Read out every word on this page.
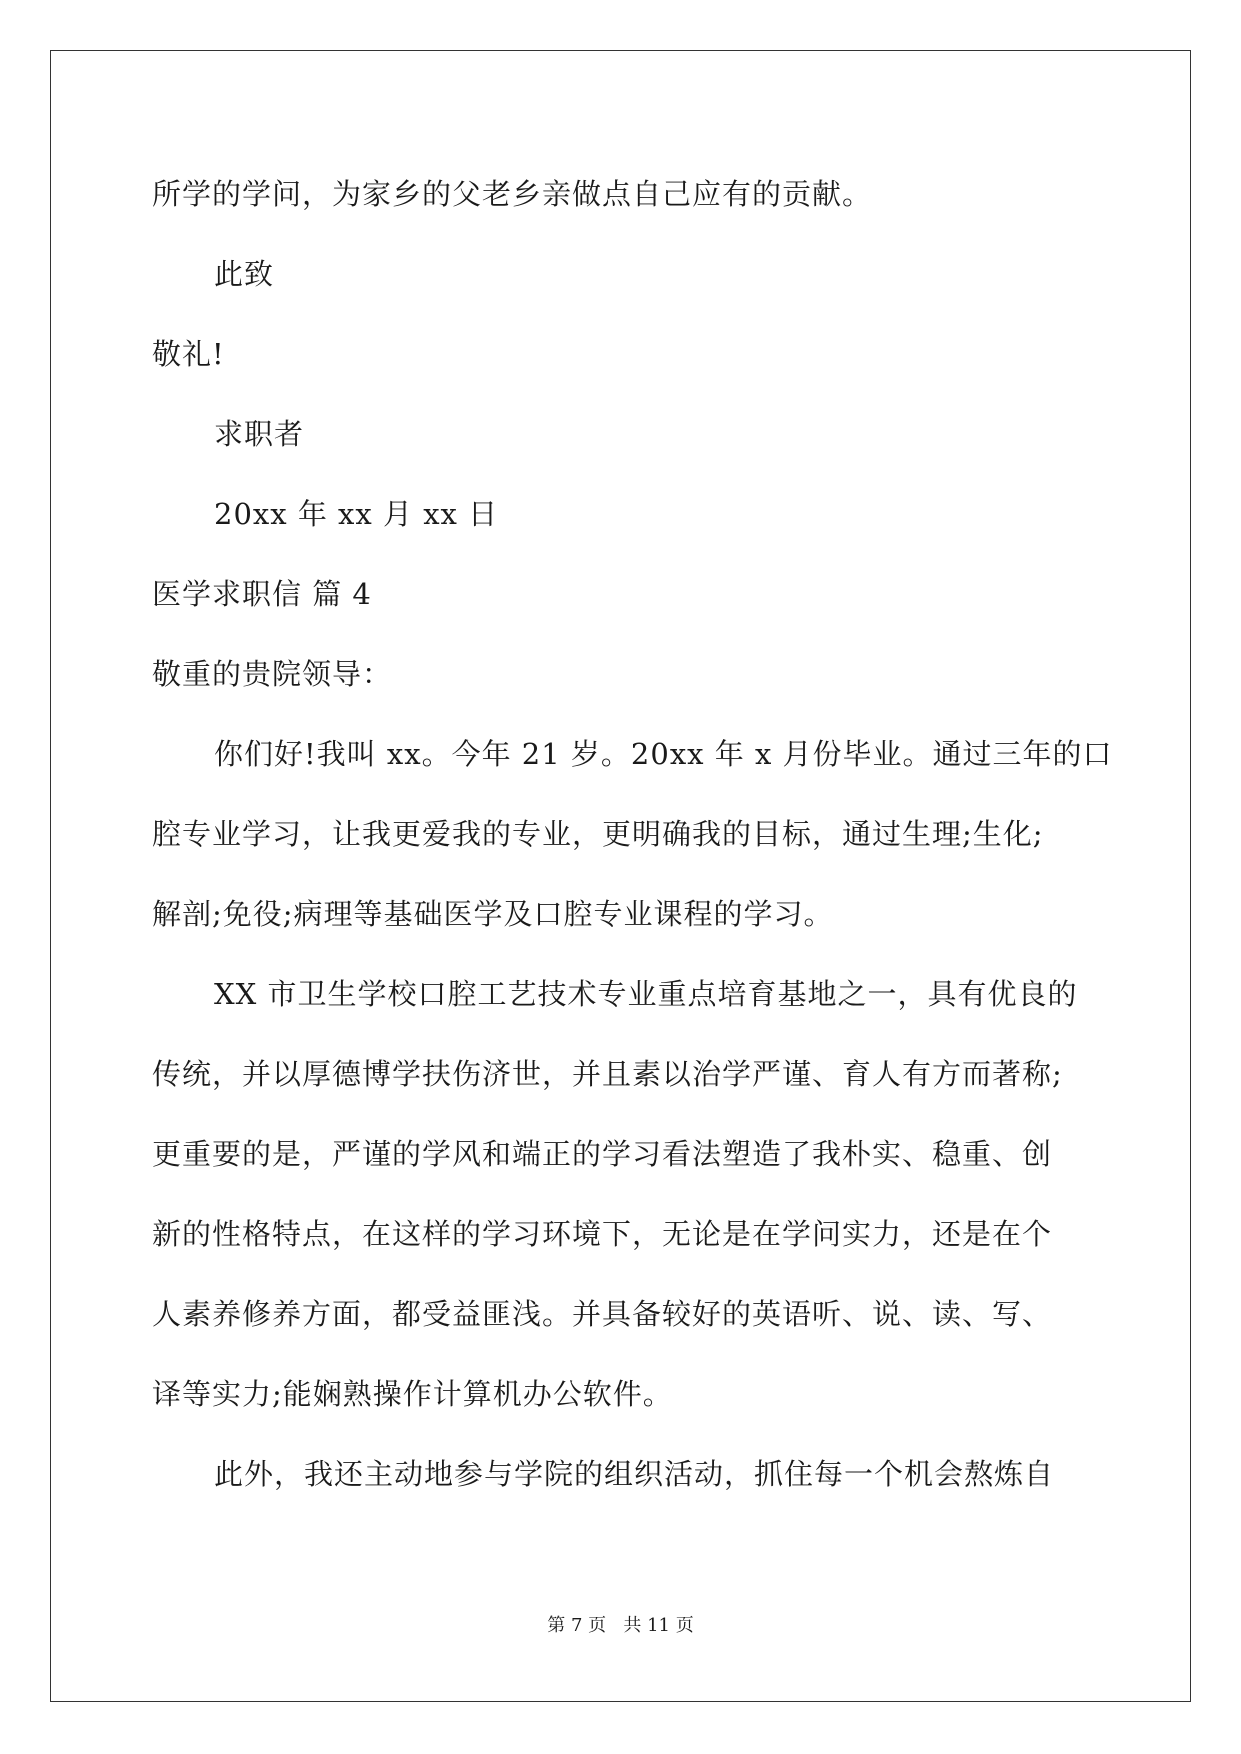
所学的学问，为家乡的父老乡亲做点自己应有的贡献。
此致
敬礼!
求职者
20xx 年 xx 月 xx 日
医学求职信 篇 4
敬重的贵院领导：
你们好!我叫 xx。今年 21 岁。20xx 年 x 月份毕业。通过三年的口
腔专业学习，让我更爱我的专业，更明确我的目标，通过生理;生化;
解剖;免役;病理等基础医学及口腔专业课程的学习。
XX 市卫生学校口腔工艺技术专业重点培育基地之一，具有优良的
传统，并以厚德博学扶伤济世，并且素以治学严谨、育人有方而著称;
更重要的是，严谨的学风和端正的学习看法塑造了我朴实、稳重、创
新的性格特点，在这样的学习环境下，无论是在学问实力，还是在个
人素养修养方面，都受益匪浅。并具备较好的英语听、说、读、写、
译等实力;能娴熟操作计算机办公软件。
此外，我还主动地参与学院的组织活动，抓住每一个机会熬炼自
第 7 页   共 11 页
